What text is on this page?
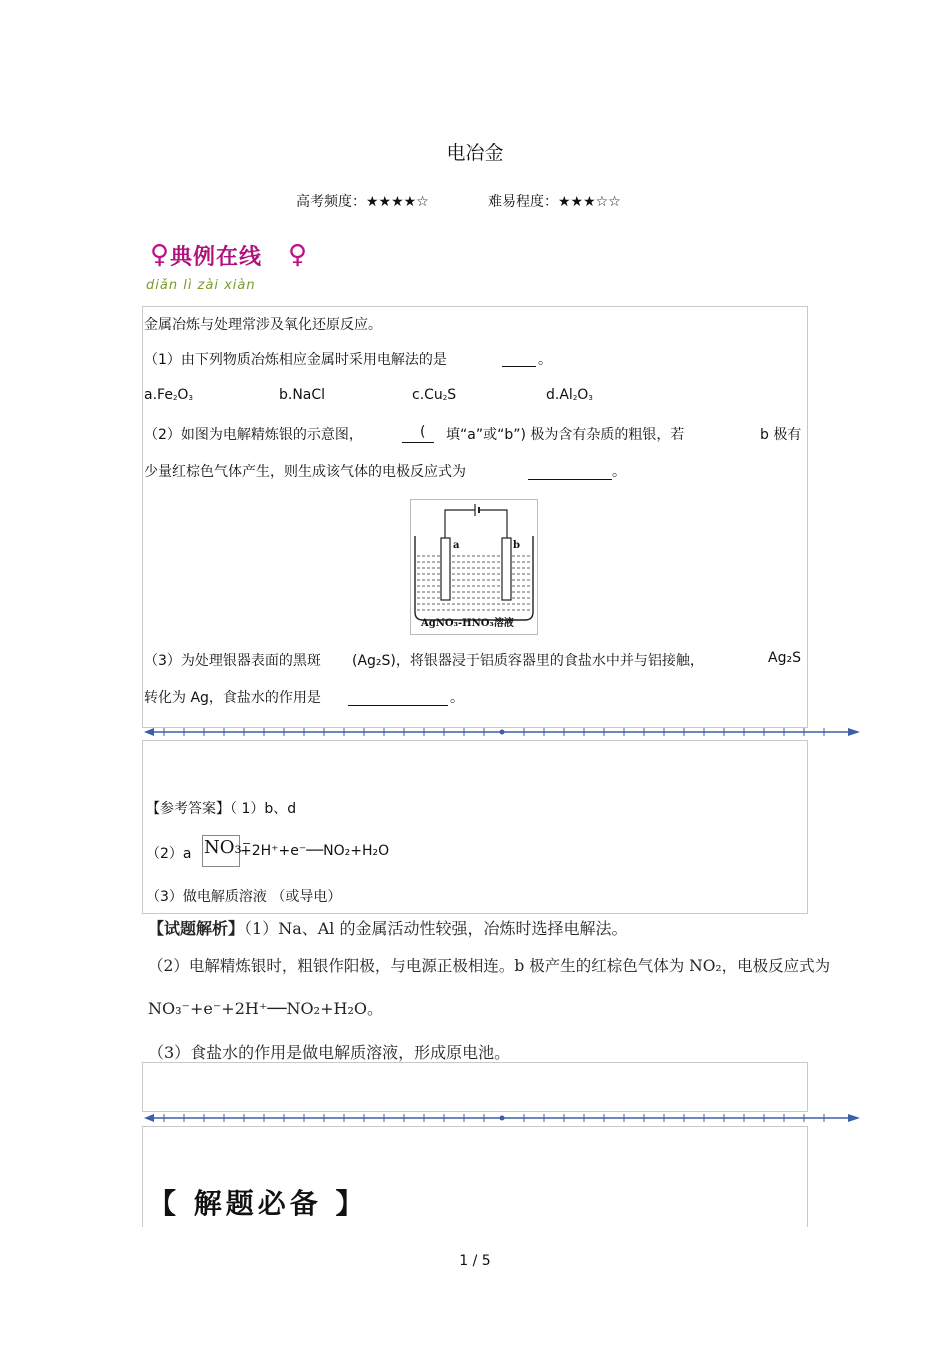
电冶金
高考频度：★★★★☆	难易程度：★★★☆☆
♀ 典例在线 ♀
diǎn lì zài xiàn
金属冶炼与处理常涉及氧化还原反应。
（1）由下列物质冶炼相应金属时采用电解法的是	。
a.Fe2O3	b.NaCl	c.Cu2S	d.Al2O3
（2）如图为电解精炼银的示意图，	( 填“a”或“b”) 极为含有杂质的粗银，若	b 极有
少量红棕色气体产生，则生成该气体的电极反应式为	。
a	b
AgNO₃-HNO₃溶液
（3）为处理银器表面的黑斑 (Ag₂S)，将银器浸于铝质容器里的食盐水中并与铝接触，	Ag₂S
转化为 Ag，食盐水的作用是	。
【参考答案】（ 1）b、d
（2）a NO₃⁻
+2H⁺+e⁻──NO₂+H₂O
（3）做电解质溶液 （或导电）
【试题解析】（1）Na、Al 的金属活动性较强，冶炼时选择电解法。
（2）电解精炼银时，粗银作阳极，与电源正极相连。b 极产生的红棕色气体为 NO₂，电极反应式为
NO₃⁻+e⁻+2H⁺──NO₂+H₂O。
（3）食盐水的作用是做电解质溶液，形成原电池。
【 解题必备 】
1 / 5
